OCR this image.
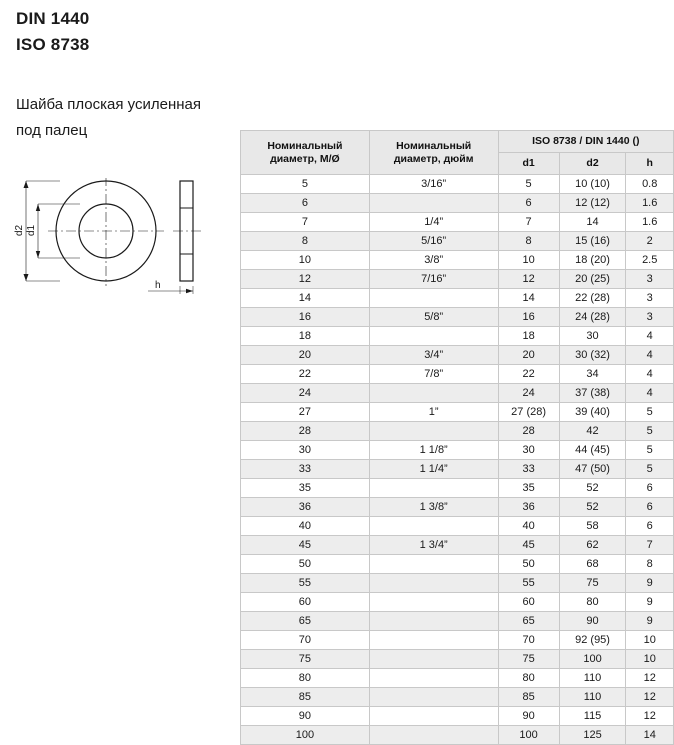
DIN 1440
ISO 8738
Шайба плоская усиленная
под палец
d2 d1
h
Номинальный диаметр, M/Ø	Номинальный диаметр, дюйм	ISO 8738 / DIN 1440 ()		
		d1	d2	h
5	3/16”	5	10 (10)	0.8
6		6	12 (12)	1.6
7	1/4”	7	14	1.6
8	5/16”	8	15 (16)	2
10	3/8”	10	18 (20)	2.5
12	7/16”	12	20 (25)	3
14		14	22 (28)	3
16	5/8”	16	24 (28)	3
18		18	30	4
20	3/4”	20	30 (32)	4
22	7/8”	22	34	4
24		24	37 (38)	4
27	1”	27 (28)	39 (40)	5
28		28	42	5
30	1 1/8”	30	44 (45)	5
33	1 1/4”	33	47 (50)	5
35		35	52	6
36	1 3/8”	36	52	6
40		40	58	6
45	1 3/4”	45	62	7
50		50	68	8
55		55	75	9
60		60	80	9
65		65	90	9
70		70	92 (95)	10
75		75	100	10
80		80	110	12
85		85	110	12
90		90	115	12
100		100	125	14
